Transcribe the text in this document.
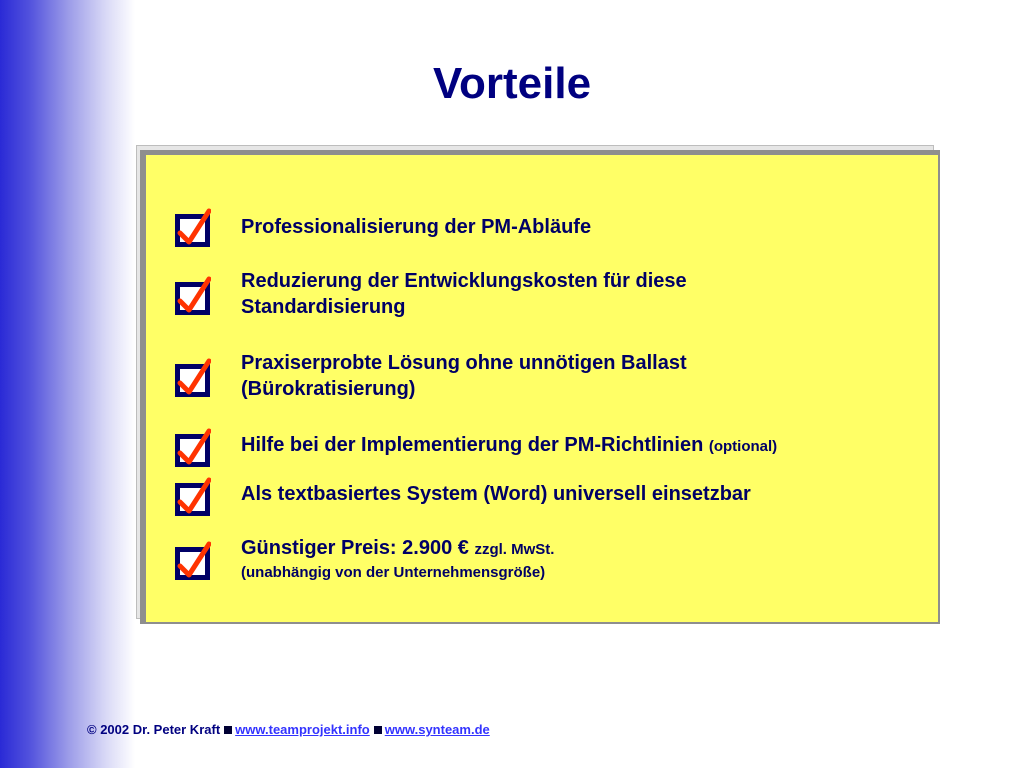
Vorteile
Professionalisierung der PM-Abläufe
Reduzierung der Entwicklungskosten für diese
Standardisierung
Praxiserprobte Lösung ohne unnötigen Ballast
(Bürokratisierung)
Hilfe bei der Implementierung der PM-Richtlinien (optional)
Als textbasiertes System (Word) universell einsetzbar
Günstiger Preis: 2.900 € zzgl. MwSt.
(unabhängig von der Unternehmensgröße)
© 2002 Dr. Peter Kraft www.teamprojekt.info www.synteam.de
